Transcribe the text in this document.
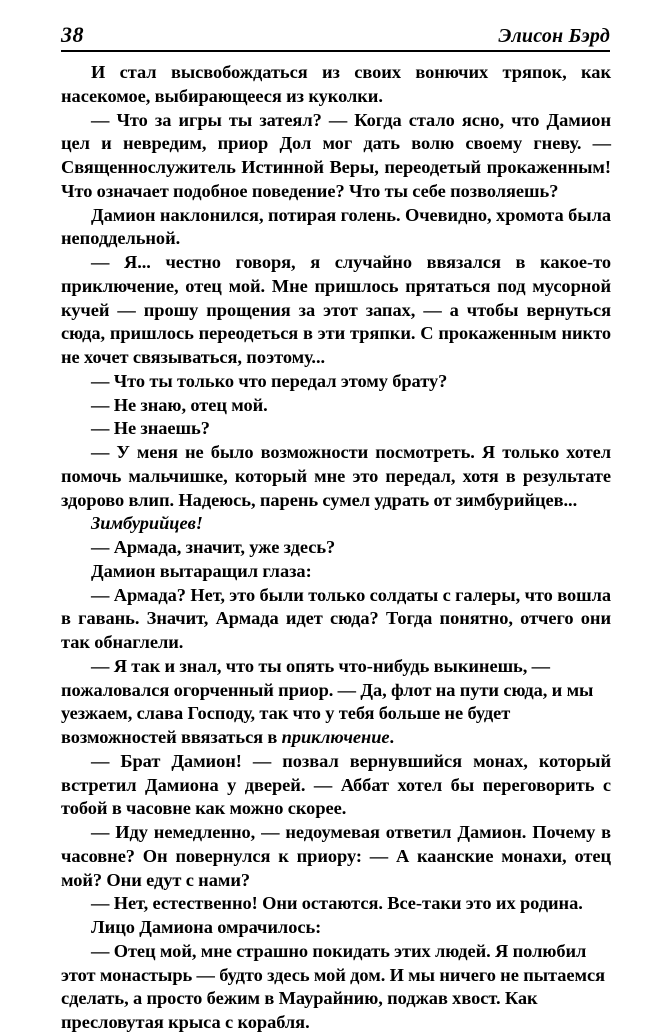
38	Элисон Бэрд

И стал высвобождаться из своих вонючих тряпок, как насекомое, выбирающееся из куколки.

— Что за игры ты затеял? — Когда стало ясно, что Дамион цел и невредим, приор Дол мог дать волю своему гневу. — Священнослужитель Истинной Веры, переодетый прокаженным! Что означает подобное поведение? Что ты себе позволяешь?

Дамион наклонился, потирая голень. Очевидно, хромота была неподдельной.

— Я... честно говоря, я случайно ввязался в какое-то приключение, отец мой. Мне пришлось прятаться под мусорной кучей — прошу прощения за этот запах, — а чтобы вернуться сюда, пришлось переодеться в эти тряпки. С прокаженным никто не хочет связываться, поэтому...

— Что ты только что передал этому брату?

— Не знаю, отец мой.

— Не знаешь?

— У меня не было возможности посмотреть. Я только хотел помочь мальчишке, который мне это передал, хотя в результате здорово влип. Надеюсь, парень сумел удрать от зимбурийцев...

Зимбурийцев!

— Армада, значит, уже здесь?

Дамион вытаращил глаза:

— Армада? Нет, это были только солдаты с галеры, что вошла в гавань. Значит, Армада идет сюда? Тогда понятно, отчего они так обнаглели.

— Я так и знал, что ты опять что-нибудь выкинешь, — пожаловался огорченный приор. — Да, флот на пути сюда, и мы уезжаем, слава Господу, так что у тебя больше не будет возможностей ввязаться в приключение.

— Брат Дамион! — позвал вернувшийся монах, который встретил Дамиона у дверей. — Аббат хотел бы переговорить с тобой в часовне как можно скорее.

— Иду немедленно, — недоумевая ответил Дамион. Почему в часовне? Он повернулся к приору: — А каанские монахи, отец мой? Они едут с нами?

— Нет, естественно! Они остаются. Все-таки это их родина.

Лицо Дамиона омрачилось:

— Отец мой, мне страшно покидать этих людей. Я полюбил этот монастырь — будто здесь мой дом. И мы ничего не пытаемся сделать, а просто бежим в Маурайнию, поджав хвост. Как пресловутая крыса с корабля.
